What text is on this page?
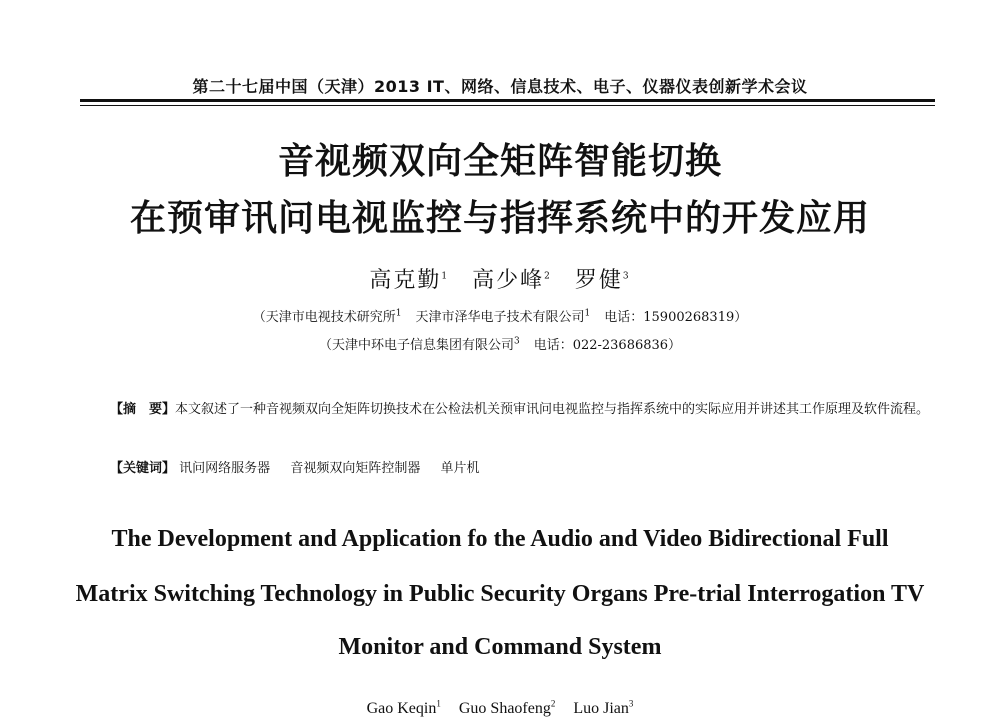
第二十七届中国（天津）2013 IT、网络、信息技术、电子、仪器仪表创新学术会议
音视频双向全矩阵智能切换
在预审讯问电视监控与指挥系统中的开发应用
高克勤$^1$ 高少峰$^2$ 罗健$^3$
（天津市电视技术研究所$^1$ 天津市泽华电子技术有限公司$^1$ 电话：15900268319）
（天津中环电子信息集团有限公司$^3$ 电话：022-23686836）
【摘　要】本文叙述了一种音视频双向全矩阵切换技术在公检法机关预审讯问电视监控与指挥系统中的实际应用并讲述其工作原理及软件流程。
【关键词】 讯问网络服务器 音视频双向矩阵控制器 单片机
The Development and Application fo the Audio and Video Bidirectional Full
Matrix Switching Technology in Public Security Organs Pre-trial Interrogation TV
Monitor and Command System
Gao Keqin$^1$ Guo Shaofeng$^2$ Luo Jian$^3$
